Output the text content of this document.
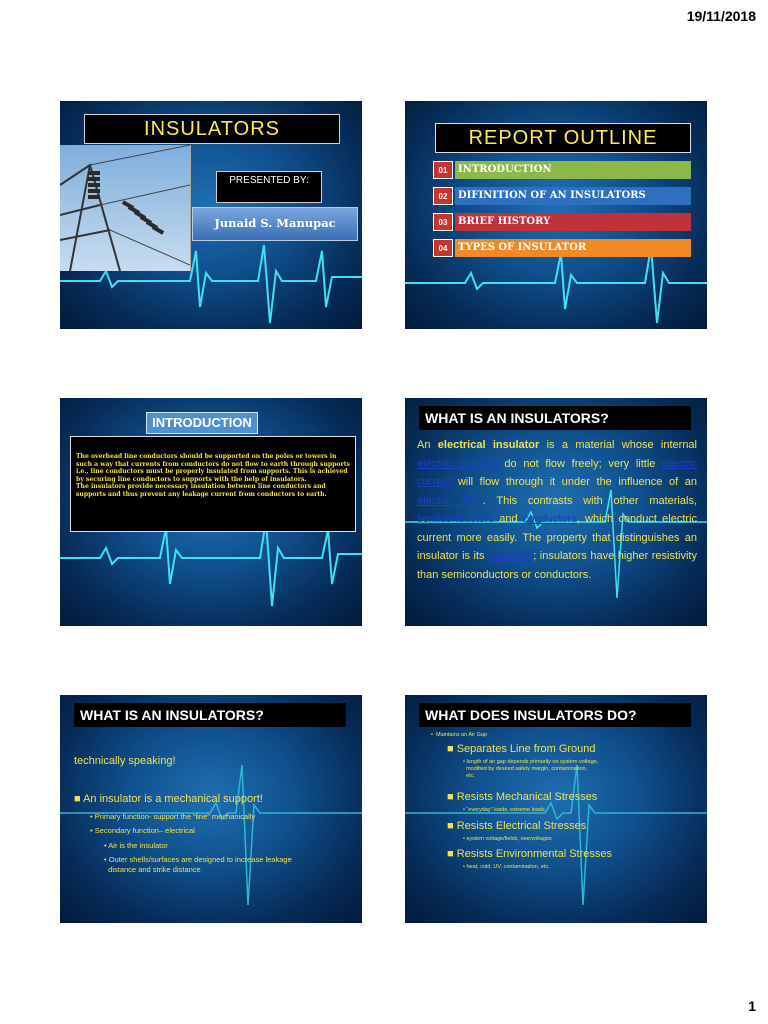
19/11/2018
INSULATORS
PRESENTED BY:
Junaid S. Manupac
REPORT OUTLINE
01	INTRODUCTION
02	DIFINITION OF AN INSULATORS
03	BRIEF HISTORY
04	TYPES OF INSULATOR
INTRODUCTION
The overhead line conductors should be supported on the poles or towers in such a way that currents from conductors do not flow to earth through supports i.e., line conductors must be properly insulated from supports. This is achieved by securing line conductors to supports with the help of insulators.
The insulators provide necessary insulation between line conductors and supports and thus prevent any leakage current from conductors to earth.
WHAT IS AN INSULATORS?
An electrical insulator is a material whose internal electric charges do not flow freely; very little electric current will flow through it under the influence of an electric field. This contrasts with other materials, semiconductors and conductors, which conduct electric current more easily. The property that distinguishes an insulator is its resistivity; insulators have higher resistivity than semiconductors or conductors.
WHAT IS AN INSULATORS?
technically speaking!
■ An insulator is a mechanical support!
• Primary function- support the “line” mechanically
• Secondary function– electrical
• Air is the insulator
• Outer shells/surfaces are designed to increase leakage
distance and strike distance
WHAT DOES INSULATORS DO?
•  Maintains an Air Gap
■ Separates Line from Ground
• length of air gap depends primarily on system voltage,
modified by desired safety margin, contamination,
etc.
■ Resists Mechanical Stresses
• “everyday” loads, extreme loads
■ Resists Electrical Stresses
• system voltage/fields, overvoltages
■ Resists Environmental Stresses
• heat, cold, UV, contamination, etc.
1
